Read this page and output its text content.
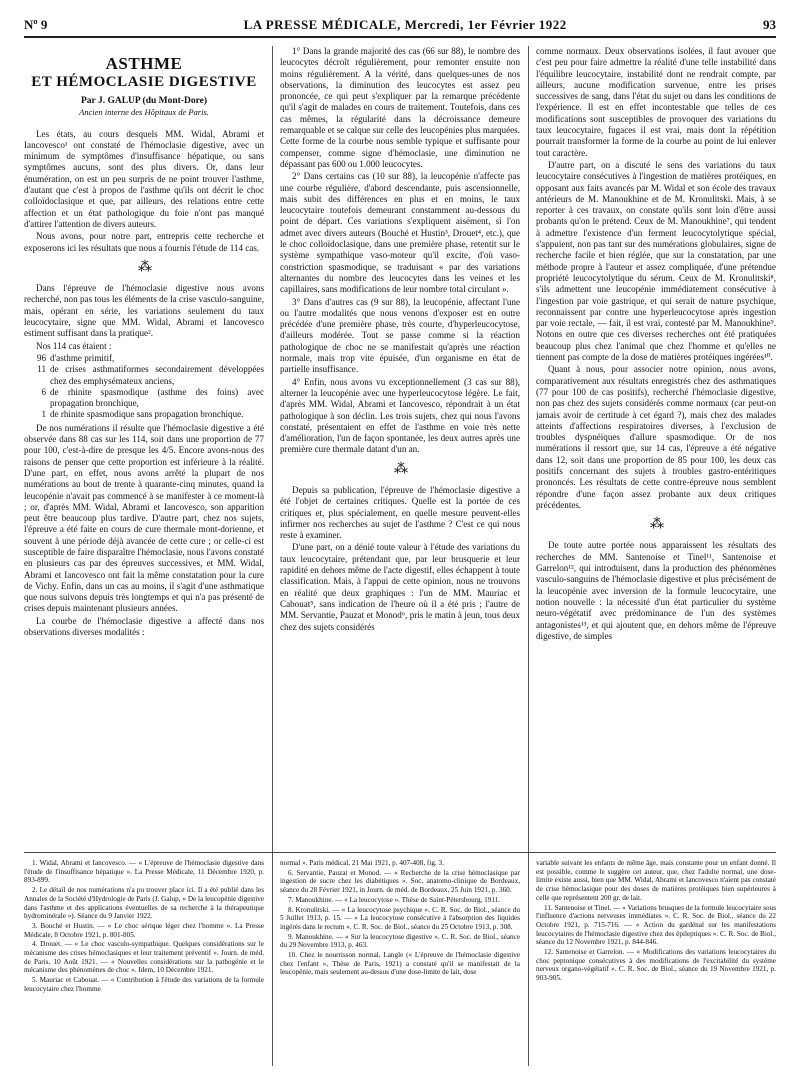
Nº 9	LA PRESSE MÉDICALE, Mercredi, 1er Février 1922	93
ASTHME
ET HÉMOCLASIE DIGESTIVE
Par J. GALUP (du Mont-Dore)
Ancien interne des Hôpitaux de Paris.

Les états, au cours desquels MM. Widal, Abrami et Iancovesco¹ ont constaté de l'hémoclasie digestive, avec un minimum de symptômes d'insuffisance hépatique, ou sans symptômes aucuns, sont des plus divers. Or, dans leur énumération, on est un peu surpris de ne point trouver l'asthme, d'autant que c'est à propos de l'asthme qu'ils ont décrit le choc colloïdoclasique et que, par ailleurs, des relations entre cette affection et un état pathologique du foie n'ont pas manqué d'attirer l'attention de divers auteurs.

Nous avons, pour notre part, entrepris cette recherche et exposerons ici les résultats que nous a fournis l'étude de 114 cas.

⁂

Dans l'épreuve de l'hémoclasie digestive nous avons recherché, non pas tous les éléments de la crise vasculo-sanguine, mais, opérant en série, les variations seulement du taux leucocytaire, signe que MM. Widal, Abrami et Iancovesco estiment suffisant dans la pratique².

Nos 114 cas étaient :

96 d'asthme primitif,
11 de crises asthmatiformes secondairement développées chez des emphysémateux anciens,
6 de rhinite spasmodique (asthme des foins) avec propagation bronchique,
1 de rhinite spasmodique sans propagation bronchique.

De nos numérations il résulte que l'hémoclasie digestive a été observée dans 88 cas sur les 114, soit dans une proportion de 77 pour 100, c'est-à-dire de presque les 4/5. Encore avons-nous des raisons de penser que cette proportion est inférieure à la réalité. D'une part, en effet, nous avons arrêté la plupart de nos numérations au bout de trente à quarante-cinq minutes, quand la leucopénie n'avait pas commencé à se manifester à ce moment-là ; or, d'après MM. Widal, Abrami et Iancovesco, son apparition peut être beaucoup plus tardive. D'autre part, chez nos sujets, l'épreuve a été faite en cours de cure thermale mont-dorienne, et souvent à une période déjà avancée de cette cure ; or celle-ci est susceptible de faire disparaître l'hémoclasie, nous l'avons constaté en plusieurs cas par des épreuves successives, et MM. Widal, Abrami et Iancovesco ont fait la même constatation pour la cure de Vichy. Enfin, dans un cas au moins, il s'agit d'une asthmatique que nous suivons depuis très longtemps et qui n'a pas présenté de crises depuis maintenant plusieurs années.

La courbe de l'hémoclasie digestive a affecté dans nos observations diverses modalités :

1° Dans la grande majorité des cas (66 sur 88), le nombre des leucocytes décroît régulièrement, pour remonter ensuite non moins régulièrement. A la vérité, dans quelques-unes de nos observations, la diminution des leucocytes est assez peu prononcée, ce qui peut s'expliquer par la remarque précédente qu'il s'agit de malades en cours de traitement. Toutefois, dans ces cas mêmes, la régularité dans la décroissance demeure remarquable et se calque sur celle des leucopénies plus marquées. Cette forme de la courbe nous semble typique et suffisante pour compenser, comme signe d'hémoclasie, une diminution ne dépassant pas 600 ou 1.000 leucocytes.

2° Dans certains cas (10 sur 88), la leucopénie n'affecte pas une courbe régulière, d'abord descendante, puis ascensionnelle, mais subit des différences en plus et en moins, le taux leucocytaire toutefois demeurant constamment au-dessous du point de départ. Ces variations s'expliquent aisément, si l'on admet avec divers auteurs (Bouché et Hustin³, Drouet⁴, etc.), que le choc colloïdoclasique, dans une première phase, retentit sur le système sympathique vaso-moteur qu'il excite, d'où vaso-constriction spasmodique, se traduisant « par des variations alternantes du nombre des leucocytes dans les veines et les capillaires, sans modifications de leur nombre total circulant ».

3° Dans d'autres cas (9 sur 88), la leucopénie, affectant l'une ou l'autre modalités que nous venons d'exposer est en outre précédée d'une première phase, très courte, d'hyperleucocytose, d'ailleurs modérée. Tout se passe comme si la réaction pathologique de choc ne se manifestait qu'après une réaction normale, mais trop vite épuisée, d'un organisme en état de partielle insuffisance.

4° Enfin, nous avons vu exceptionnellement (3 cas sur 88), alterner la leucopénie avec une hyperleucocytose légère. Le fait, d'après MM. Widal, Abrami et Iancovesco, répondrait à un état pathologique à son déclin. Les trois sujets, chez qui nous l'avons constaté, présentaient en effet de l'asthme en voie très nette d'amélioration, l'un de façon spontanée, les deux autres après une première cure thermale datant d'un an.

⁂

Depuis sa publication, l'épreuve de l'hémoclasie digestive a été l'objet de certaines critiques. Quelle est la portée de ces critiques et, plus spécialement, en quelle mesure peuvent-elles infirmer nos recherches au sujet de l'asthme ? C'est ce qui nous reste à examiner.

D'une part, on a dénié toute valeur à l'étude des variations du taux leucocytaire, prétendant que, par leur brusquerie et leur rapidité en dehors même de l'acte digestif, elles échappent à toute classification. Mais, à l'appui de cette opinion, nous ne trouvons en réalité que deux graphiques : l'un de MM. Mauriac et Cabouat⁵, sans indication de l'heure où il a été pris ; l'autre de MM. Servantie, Pauzat et Monod⁶, pris le matin à jeun, tous deux chez des sujets considérés

comme normaux. Deux observations isolées, il faut avouer que c'est peu pour faire admettre la réalité d'une telle instabilité dans l'équilibre leucocytaire, instabilité dont ne rendrait compte, par ailleurs, aucune modification survenue, entre les prises successives de sang, dans l'état du sujet ou dans les conditions de l'expérience. Il est en effet incontestable que telles de ces modifications sont susceptibles de provoquer des variations du taux leucocytaire, fugaces il est vrai, mais dont la répétition pourrait transformer la forme de la courbe au point de lui enlever tout caractère.

D'autre part, on a discuté le sens des variations du taux leucocytaire consécutives à l'ingestion de matières protéiques, en opposant aux faits avancés par M. Widal et son école des travaux antérieurs de M. Manoukhine et de M. Kronulitski. Mais, à se reporter à ces travaux, on constate qu'ils sont loin d'être aussi probants qu'on le prétend. Ceux de M. Manoukhine⁷, qui tendent à admettre l'existence d'un ferment leucocytolytique spécial, s'appuient, non pas tant sur des numérations globulaires, signe de recherche facile et bien réglée, que sur la constatation, par une méthode propre à l'auteur et assez compliquée, d'une prétendue propriété leucocytolytique du sérum. Ceux de M. Kronulitski⁸, s'ils admettent une leucopénie immédiatement consécutive à l'ingestion par voie gastrique, et qui serait de nature psychique, reconnaissent par contre une hyperleucocytose après ingestion par voie rectale, — fait, il est vrai, contesté par M. Manoukhine⁹. Notons en outre que ces diverses recherches ont été pratiquées beaucoup plus chez l'animal que chez l'homme et qu'elles ne tiennent pas compte de la dose de matières protéiques ingérées¹⁰.

Quant à nous, pour associer notre opinion, nous avons, comparativement aux résultats enregistrés chez des asthmatiques (77 pour 100 de cas positifs), recherché l'hémoclasie digestive, non pas chez des sujets considérés comme normaux (car peut-on jamais avoir de certitude à cet égard ?), mais chez des malades atteints d'affections respiratoires diverses, à l'exclusion de troubles dyspnéiques d'allure spasmodique. Or de nos numérations il ressort que, sur 14 cas, l'épreuve a été négative dans 12, soit dans une proportion de 85 pour 100, les deux cas positifs concernant des sujets à troubles gastro-entéritiques prononcés. Les résultats de cette contre-épreuve nous semblent répondre d'une façon assez probante aux deux critiques précédentes.

⁂

De toute autre portée nous apparaissent les résultats des recherches de MM. Santenoise et Tinel¹¹, Santenoise et Garrelon¹², qui introduisent, dans la production des phénomènes vasculo-sanguins de l'hémoclasie digestive et plus précisément de la leucopénie avec inversion de la formule leucocytaire, une notion nouvelle : la nécessité d'un état particulier du système neuro-végétatif avec prédominance de l'un des systèmes antagonistes¹³, et qui ajoutent que, en dehors même de l'épreuve digestive, de simples

1. Widal, Abrami et Iancovesco. — « L'épreuve de l'hémoclasie digestive dans l'étude de l'insuffisance hépatique ». La Presse Médicale, 11 Décembre 1920, p. 893-899.

2. Le détail de nos numérations n'a pu trouver place ici. Il a été publié dans les Annales de la Société d'Hydrologie de Paris (J. Galup, « De la leucopénie digestive dans l'asthme et des applications éventuelles de sa recherche à la thérapeutique hydrominérale »). Séance du 9 Janvier 1922.

3. Bouché et Hustin. — « Le choc sérique léger chez l'homme ». La Presse Médicale, 8 Octobre 1921, p. 801-805.

4. Drouet. — « Le choc vasculo-sympathique. Quelques considérations sur le mécanisme des crises hémoclasiques et leur traitement préventif ». Journ. de méd. de Paris, 10 Août 1921. — « Nouvelles considérations sur la pathogénie et le mécanisme des phénomènes de choc ». Idem, 10 Décembre 1921.

5. Mauriac et Cabouat. — « Contribution à l'étude des variations de la formule leucocytaire chez l'homme

normal ». Paris médical, 21 Mai 1921, p. 407-408, fig. 3.

6. Servantie, Pauzat et Monod. — « Recherche de la crise hémoclasique par ingestion de sucre chez les diabétiques ». Soc. anatomo-clinique de Bordeaux, séance du 28 Février 1921, in Journ. de méd. de Bordeaux, 25 Juin 1921, p. 360.

7. Manoukhine. — « La leucocytose ». Thèse de Saint-Pétersbourg, 1911.

8. Kronulitski. — « La leucocytose psychique ». C. R. Soc. de Biol., séance du 5 Juillet 1913, p. 15. — « La leucocytose consécutive à l'absorption des liquides ingérés dans le rectum ». C. R. Soc. de Biol., séance du 25 Octobre 1913, p. 308.

9. Manoukhine. — « Sur la leucocytose digestive ». C. R. Soc. de Biol., séance du 29 Novembre 1913, p. 463.

10. Chez le nourrisson normal, Langle (« L'épreuve de l'hémoclasie digestive chez l'enfant », Thèse de Paris, 1921) a constaté qu'il se manifestait de la leucopénie, mais seulement au-dessus d'une dose-limite de lait, dose

variable suivant les enfants de même âge, mais constante pour un enfant donné. Il est possible, comme le suggère cet auteur, que, chez l'adulte normal, une dose-limite existe aussi, bien que MM. Widal, Abrami et Iancovesco n'aient pas constaté de crise hémoclasique pour des doses de matières protéiques bien supérieures à celle que représentent 200 gr. de lait.

11. Santenoise et Tinel. — « Variations brusques de la formule leucocytaire sous l'influence d'actions nerveuses immédiates ». C. R. Soc. de Biol., séance du 22 Octobre 1921, p. 715-716. — « Action du gardénal sur les manifestations leucocytaires de l'hémoclasie digestive chez des épileptiques ». C. R. Soc. de Biol., séance du 12 Novembre 1921, p. 844-846.

12. Santenoise et Garrelon. — « Modifications des variations leucocytaires du choc peptonique consécutives à des modifications de l'excitabilité du système nerveux organo-végétatif ». C. R. Soc. de Biol., séance du 19 Novembre 1921, p. 903-905.
